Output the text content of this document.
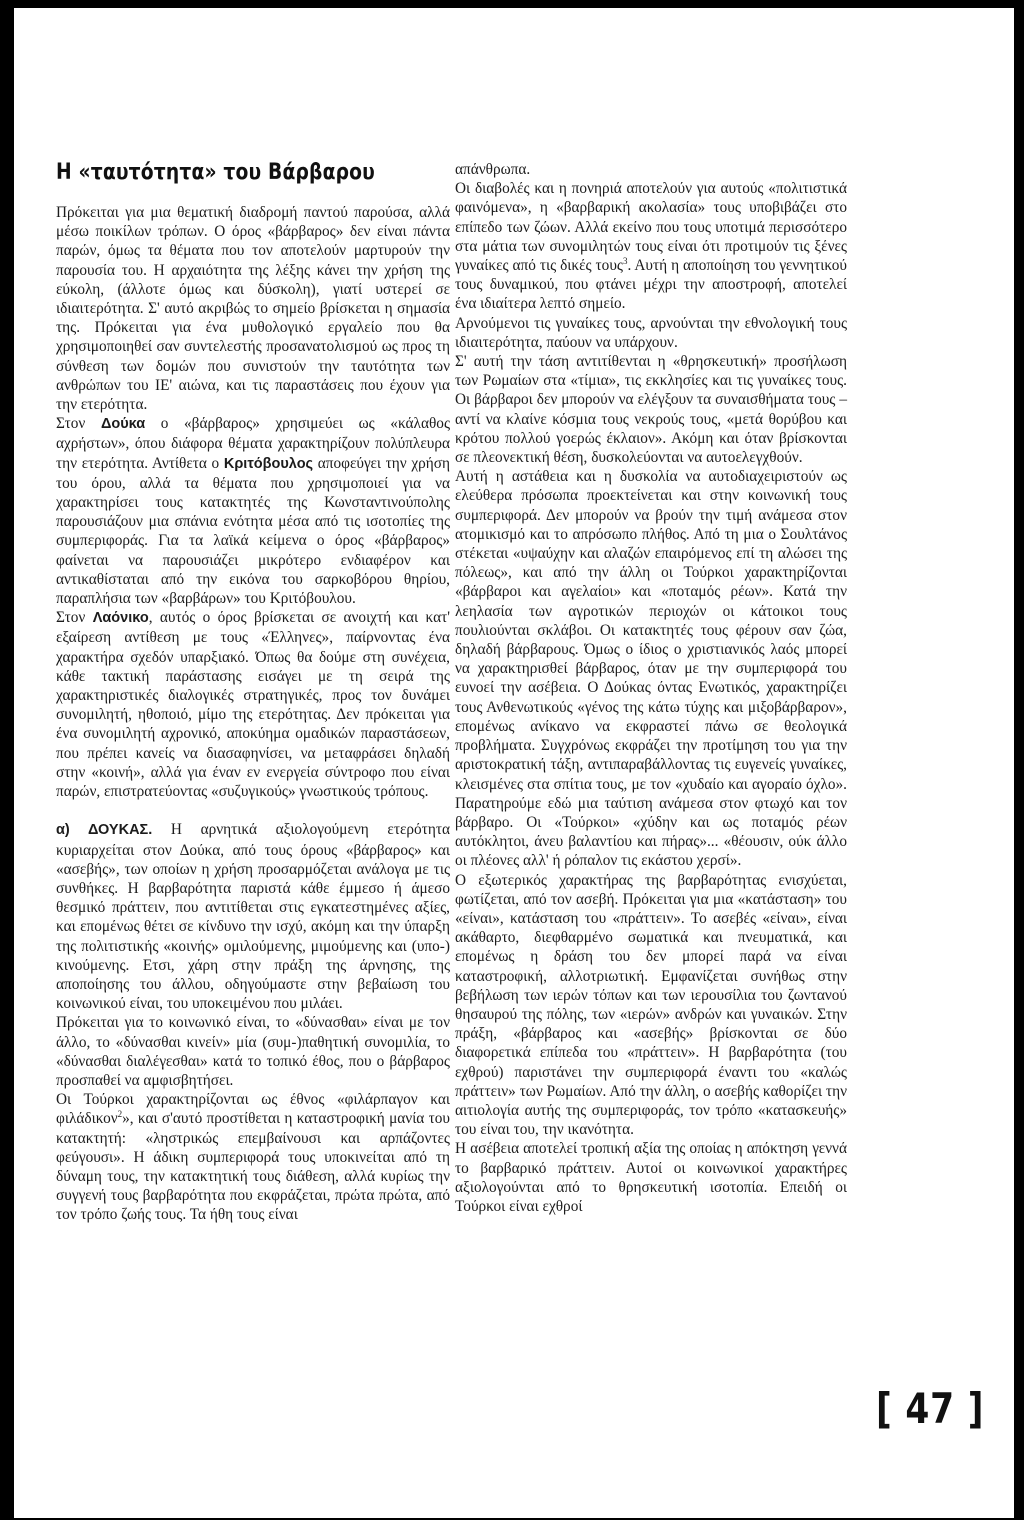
Η «ταυτότητα» του Βάρβαρου

Πρόκειται για μια θεματική διαδρομή παντού παρούσα, αλλά μέσω ποικίλων τρόπων. Ο όρος «βάρβαρος» δεν είναι πάντα παρών, όμως τα θέματα που τον αποτελούν μαρτυρούν την παρουσία του. Η αρχαιότητα της λέξης κάνει την χρήση της εύκολη, (άλλοτε όμως και δύσκολη), γιατί υστερεί σε ιδιαιτερότητα. Σ' αυτό ακριβώς το σημείο βρίσκεται η σημασία της. Πρόκειται για ένα μυθολογικό εργαλείο που θα χρησιμοποιηθεί σαν συντελεστής προσανατολισμού ως προς τη σύνθεση των δομών που συνιστούν την ταυτότητα των ανθρώπων του ΙΕ' αιώνα, και τις παραστάσεις που έχουν για την ετερότητα.

Στον Δούκα ο «βάρβαρος» χρησιμεύει ως «κάλαθος αχρήστων», όπου διάφορα θέματα χαρακτηρίζουν πολύπλευρα την ετερότητα. Αντίθετα ο Κριτόβουλος αποφεύγει την χρήση του όρου, αλλά τα θέματα που χρησιμοποιεί για να χαρακτηρίσει τους κατακτητές της Κωνσταντινούπολης παρουσιάζουν μια σπάνια ενότητα μέσα από τις ισοτοπίες της συμπεριφοράς. Για τα λαϊκά κείμενα ο όρος «βάρβαρος» φαίνεται να παρουσιάζει μικρότερο ενδιαφέρον και αντικαθίσταται από την εικόνα του σαρκοβόρου θηρίου, παραπλήσια των «βαρβάρων» του Κριτόβουλου.

Στον Λαόνικο, αυτός ο όρος βρίσκεται σε ανοιχτή και κατ' εξαίρεση αντίθεση με τους «Έλληνες», παίρνοντας ένα χαρακτήρα σχεδόν υπαρξιακό. Όπως θα δούμε στη συνέχεια, κάθε τακτική παράστασης εισάγει με τη σειρά της χαρακτηριστικές διαλογικές στρατηγικές, προς τον δυνάμει συνομιλητή, ηθοποιό, μίμο της ετερότητας. Δεν πρόκειται για ένα συνομιλητή αχρονικό, αποκύημα ομαδικών παραστάσεων, που πρέπει κανείς να διασαφηνίσει, να μεταφράσει δηλαδή στην «κοινή», αλλά για έναν εν ενεργεία σύντροφο που είναι παρών, επιστρατεύοντας «συζυγικούς» γνωστικούς τρόπους.

α) ΔΟΥΚΑΣ. Η αρνητικά αξιολογούμενη ετερότητα κυριαρχείται στον Δούκα, από τους όρους «βάρβαρος» και «ασεβής», των οποίων η χρήση προσαρμόζεται ανάλογα με τις συνθήκες. Η βαρβαρότητα παριστά κάθε έμμεσο ή άμεσο θεσμικό πράττειν, που αντιτίθεται στις εγκατεστημένες αξίες, και επομένως θέτει σε κίνδυνο την ισχύ, ακόμη και την ύπαρξη της πολιτιστικής «κοινής» ομιλούμενης, μιμούμενης και (υπο-) κινούμενης. Ετσι, χάρη στην πράξη της άρνησης, της αποποίησης του άλλου, οδηγούμαστε στην βεβαίωση του κοινωνικού είναι, του υποκειμένου που μιλάει.

Πρόκειται για το κοινωνικό είναι, το «δύνασθαι» είναι με τον άλλο, το «δύνασθαι κινείν» μία (συμ-)παθητική συνομιλία, το «δύνασθαι διαλέγεσθαι» κατά το τοπικό έθος, που ο βάρβαρος προσπαθεί να αμφισβητήσει.

Οι Τούρκοι χαρακτηρίζονται ως έθνος «φιλάρπαγον και φιλάδικον$^2$», και σ'αυτό προστίθεται η καταστροφική μανία του κατακτητή: «ληστρικώς επεμβαίνουσι και αρπάζοντες φεύγουσι». Η άδικη συμπεριφορά τους υποκινείται από τη δύναμη τους, την κατακτητική τους διάθεση, αλλά κυρίως την συγγενή τους βαρβαρότητα που εκφράζεται, πρώτα πρώτα, από τον τρόπο ζωής τους. Τα ήθη τους είναι

απάνθρωπα.

Οι διαβολές και η πονηριά αποτελούν για αυτούς «πολιτιστικά φαινόμενα», η «βαρβαρική ακολασία» τους υποβιβάζει στο επίπεδο των ζώων. Αλλά εκείνο που τους υποτιμά περισσότερο στα μάτια των συνομιλητών τους είναι ότι προτιμούν τις ξένες γυναίκες από τις δικές τους$^3$. Αυτή η αποποίηση του γεννητικού τους δυναμικού, που φτάνει μέχρι την αποστροφή, αποτελεί ένα ιδιαίτερα λεπτό σημείο.

Αρνούμενοι τις γυναίκες τους, αρνούνται την εθνολογική τους ιδιαιτερότητα, παύουν να υπάρχουν.

Σ' αυτή την τάση αντιτίθενται η «θρησκευτική» προσήλωση των Ρωμαίων στα «τίμια», τις εκκλησίες και τις γυναίκες τους. Οι βάρβαροι δεν μπορούν να ελέγξουν τα συναισθήματα τους – αντί να κλαίνε κόσμια τους νεκρούς τους, «μετά θορύβου και κρότου πολλού γοερώς έκλαιον». Ακόμη και όταν βρίσκονται σε πλεονεκτική θέση, δυσκολεύονται να αυτοελεγχθούν.

Αυτή η αστάθεια και η δυσκολία να αυτοδιαχειριστούν ως ελεύθερα πρόσωπα προεκτείνεται και στην κοινωνική τους συμπεριφορά. Δεν μπορούν να βρούν την τιμή ανάμεσα στον ατομικισμό και το απρόσωπο πλήθος. Από τη μια ο Σουλτάνος στέκεται «υψαύχην και αλαζών επαιρόμενος επί τη αλώσει της πόλεως», και από την άλλη οι Τούρκοι χαρακτηρίζονται «βάρβαροι και αγελαίοι» και «ποταμός ρέων». Κατά την λεηλασία των αγροτικών περιοχών οι κάτοικοι τους πουλιούνται σκλάβοι. Οι κατακτητές τους φέρουν σαν ζώα, δηλαδή βάρβαρους. Όμως ο ίδιος ο χριστιανικός λαός μπορεί να χαρακτηρισθεί βάρβαρος, όταν με την συμπεριφορά του ευνοεί την ασέβεια. Ο Δούκας όντας Ενωτικός, χαρακτηρίζει τους Ανθενωτικούς «γένος της κάτω τύχης και μιξοβάρβαρον», επομένως ανίκανο να εκφραστεί πάνω σε θεολογικά προβλήματα. Συγχρόνως εκφράζει την προτίμηση του για την αριστοκρατική τάξη, αντιπαραβάλλοντας τις ευγενείς γυναίκες, κλεισμένες στα σπίτια τους, με τον «χυδαίο και αγοραίο όχλο». Παρατηρούμε εδώ μια ταύτιση ανάμεσα στον φτωχό και τον βάρβαρο. Οι «Τούρκοι» «χύδην και ως ποταμός ρέων αυτόκλητοι, άνευ βαλαντίου και πήρας»... «θέουσιν, ούκ άλλο οι πλέονες αλλ' ή ρόπαλον τις εκάστου χερσί».

Ο εξωτερικός χαρακτήρας της βαρβαρότητας ενισχύεται, φωτίζεται, από τον ασεβή. Πρόκειται για μια «κατάσταση» του «είναι», κατάσταση του «πράττειν». Το ασεβές «είναι», είναι ακάθαρτο, διεφθαρμένο σωματικά και πνευματικά, και επομένως η δράση του δεν μπορεί παρά να είναι καταστροφική, αλλοτριωτική. Εμφανίζεται συνήθως στην βεβήλωση των ιερών τόπων και των ιερουσίλια του ζωντανού θησαυρού της πόλης, των «ιερών» ανδρών και γυναικών. Στην πράξη, «βάρβαρος και «ασεβής» βρίσκονται σε δύο διαφορετικά επίπεδα του «πράττειν». Η βαρβαρότητα (του εχθρού) παριστάνει την συμπεριφορά έναντι του «καλώς πράττειν» των Ρωμαίων. Από την άλλη, ο ασεβής καθορίζει την αιτιολογία αυτής της συμπεριφοράς, τον τρόπο «κατασκευής» του είναι του, την ικανότητα.

Η ασέβεια αποτελεί τροπική αξία της οποίας η απόκτηση γεννά το βαρβαρικό πράττειν. Αυτοί οι κοινωνικοί χαρακτήρες αξιολογούνται από το θρησκευτική ισοτοπία. Επειδή οι Τούρκοι είναι εχθροί

[ 47 ]
